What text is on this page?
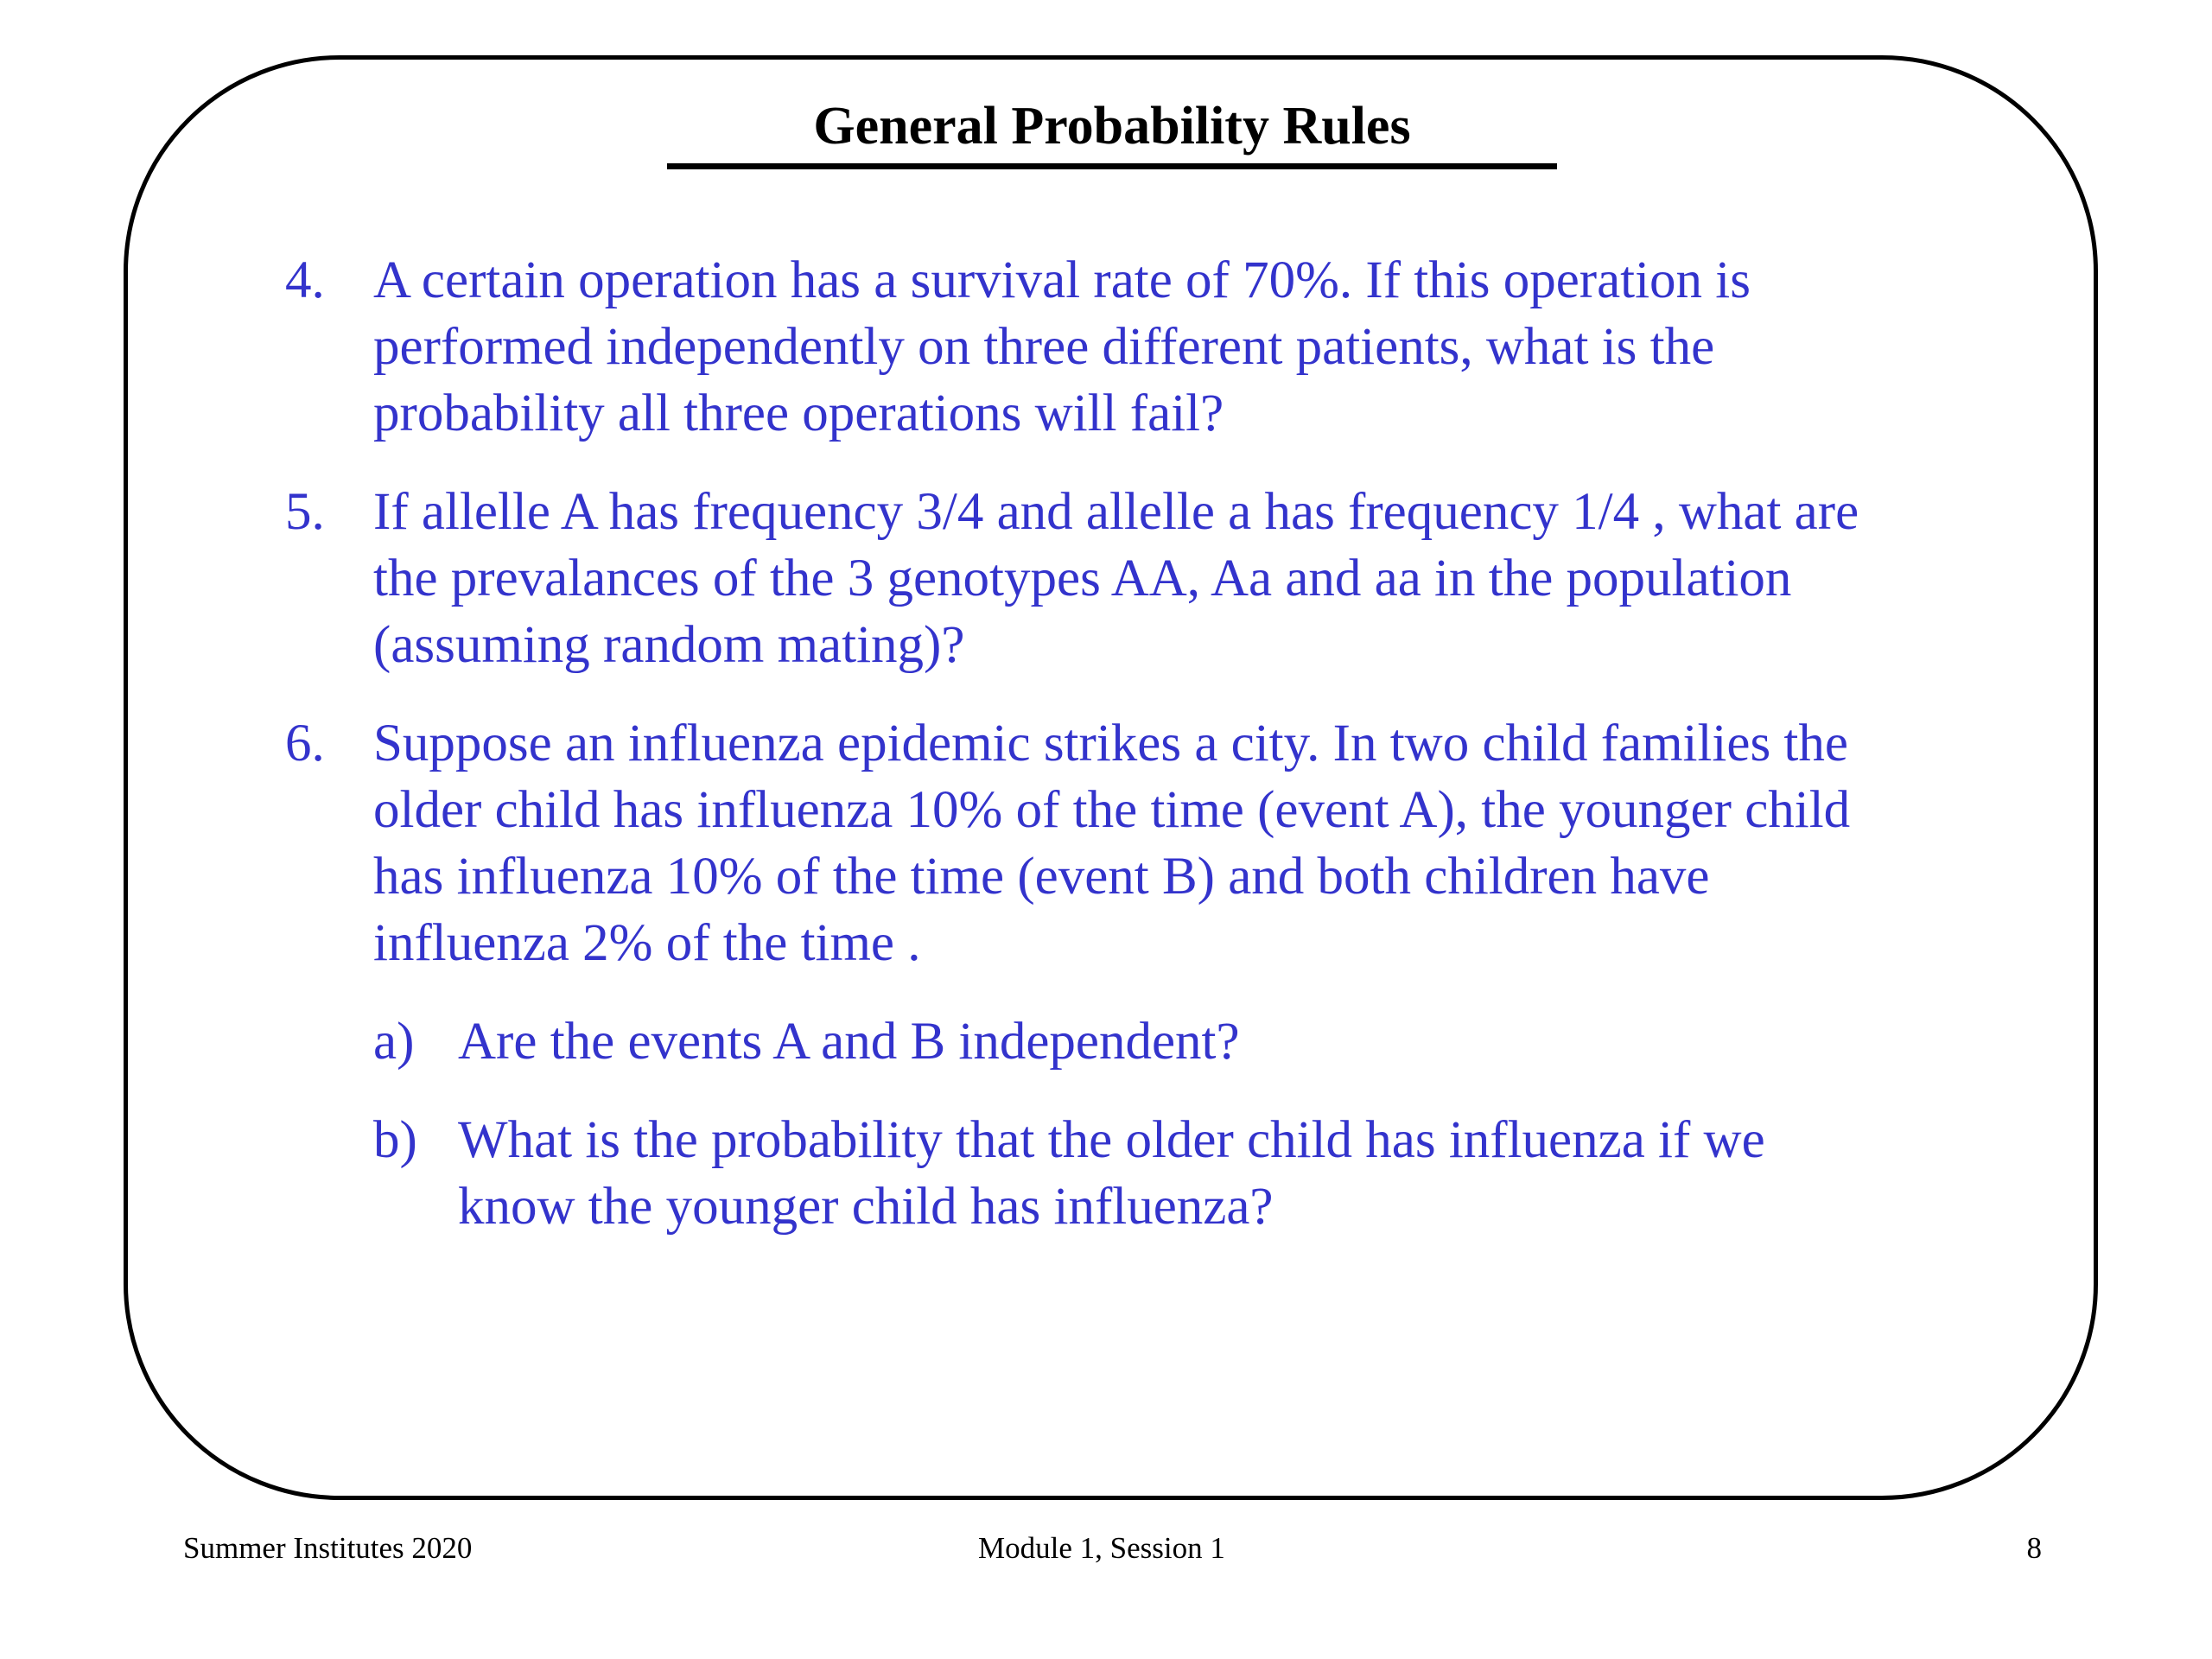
General Probability Rules
4. A certain operation has a survival rate of 70%. If this operation is
performed independently on three different patients, what is the
probability all three operations will fail?
5. If allelle A has frequency 3/4 and allelle a has frequency 1/4 , what are
the prevalances of the 3 genotypes AA, Aa and aa in the population
(assuming random mating)?
6. Suppose an influenza epidemic strikes a city. In two child families the
older child has influenza 10% of the time (event A), the younger child
has influenza 10% of the time (event B) and both children have
influenza 2% of the time .
a) Are the events A and B independent?
b) What is the probability that the older child has influenza if we
know the younger child has influenza?
Summer Institutes 2020	Module 1, Session 1	8
